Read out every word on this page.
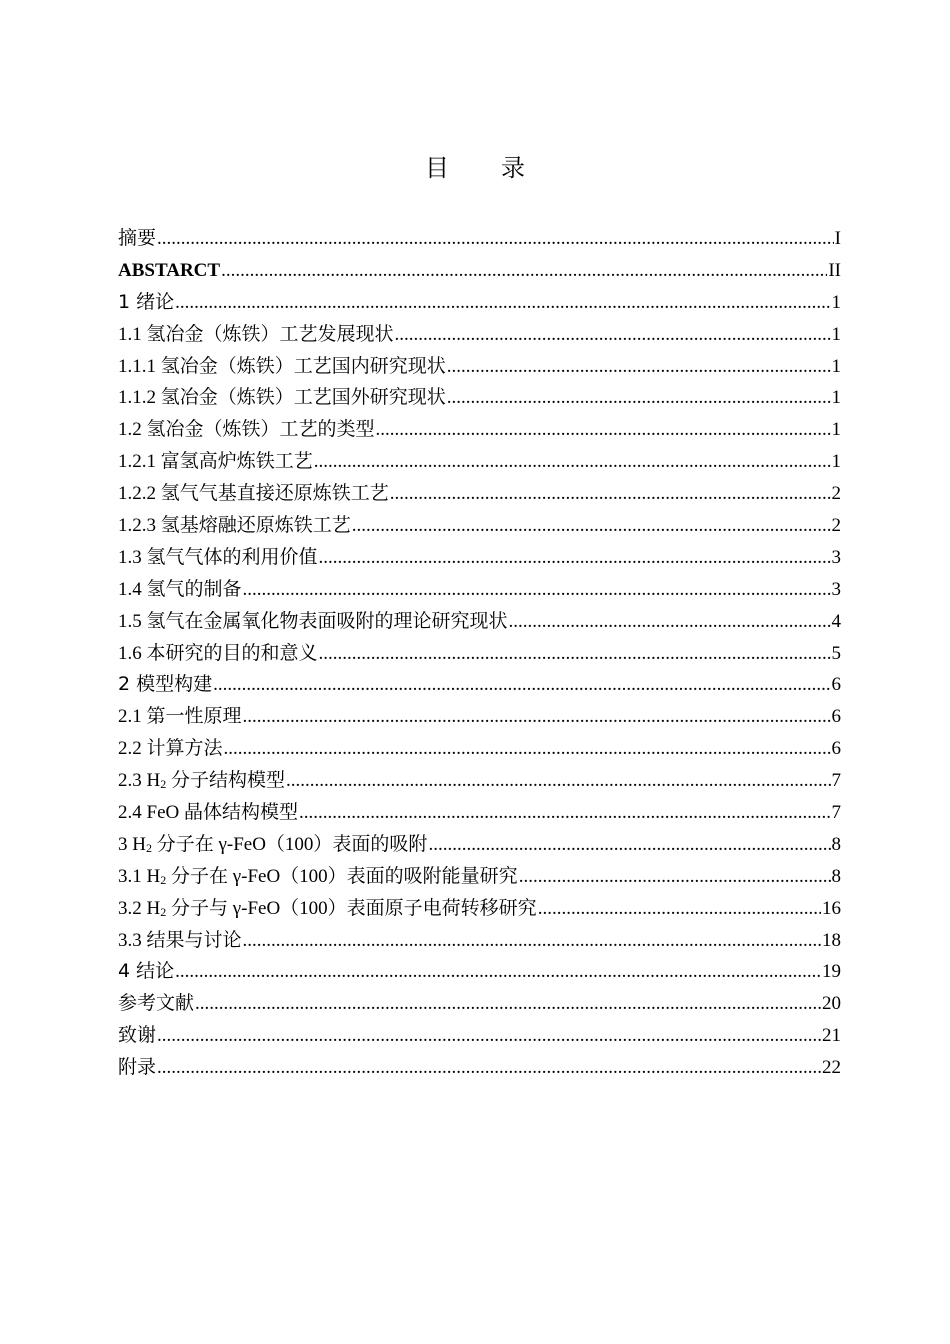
目 录
摘要 .....	I
ABSTARCT .....	II
1 绪论 .....	1
1.1 氢冶金（炼铁）工艺发展现状 .....	1
1.1.1 氢冶金（炼铁）工艺国内研究现状 .....	1
1.1.2 氢冶金（炼铁）工艺国外研究现状 .....	1
1.2 氢冶金（炼铁）工艺的类型 .....	1
1.2.1 富氢高炉炼铁工艺 .....	1
1.2.2 氢气气基直接还原炼铁工艺 .....	2
1.2.3 氢基熔融还原炼铁工艺 .....	2
1.3 氢气气体的利用价值 .....	3
1.4 氢气的制备 .....	3
1.5 氢气在金属氧化物表面吸附的理论研究现状 .....	4
1.6 本研究的目的和意义 .....	5
2 模型构建 .....	6
2.1 第一性原理 .....	6
2.2 计算方法 .....	6
2.3 H2 分子结构模型 .....	7
2.4 FeO 晶体结构模型 .....	7
3 H2 分子在 γ-FeO（100）表面的吸附 .....	8
3.1 H2 分子在 γ-FeO（100）表面的吸附能量研究 .....	8
3.2 H2 分子与 γ-FeO（100）表面原子电荷转移研究 .....	16
3.3 结果与讨论 .....	18
4 结论 .....	19
参考文献 .....	20
致谢 .....	21
附录 .....	22
